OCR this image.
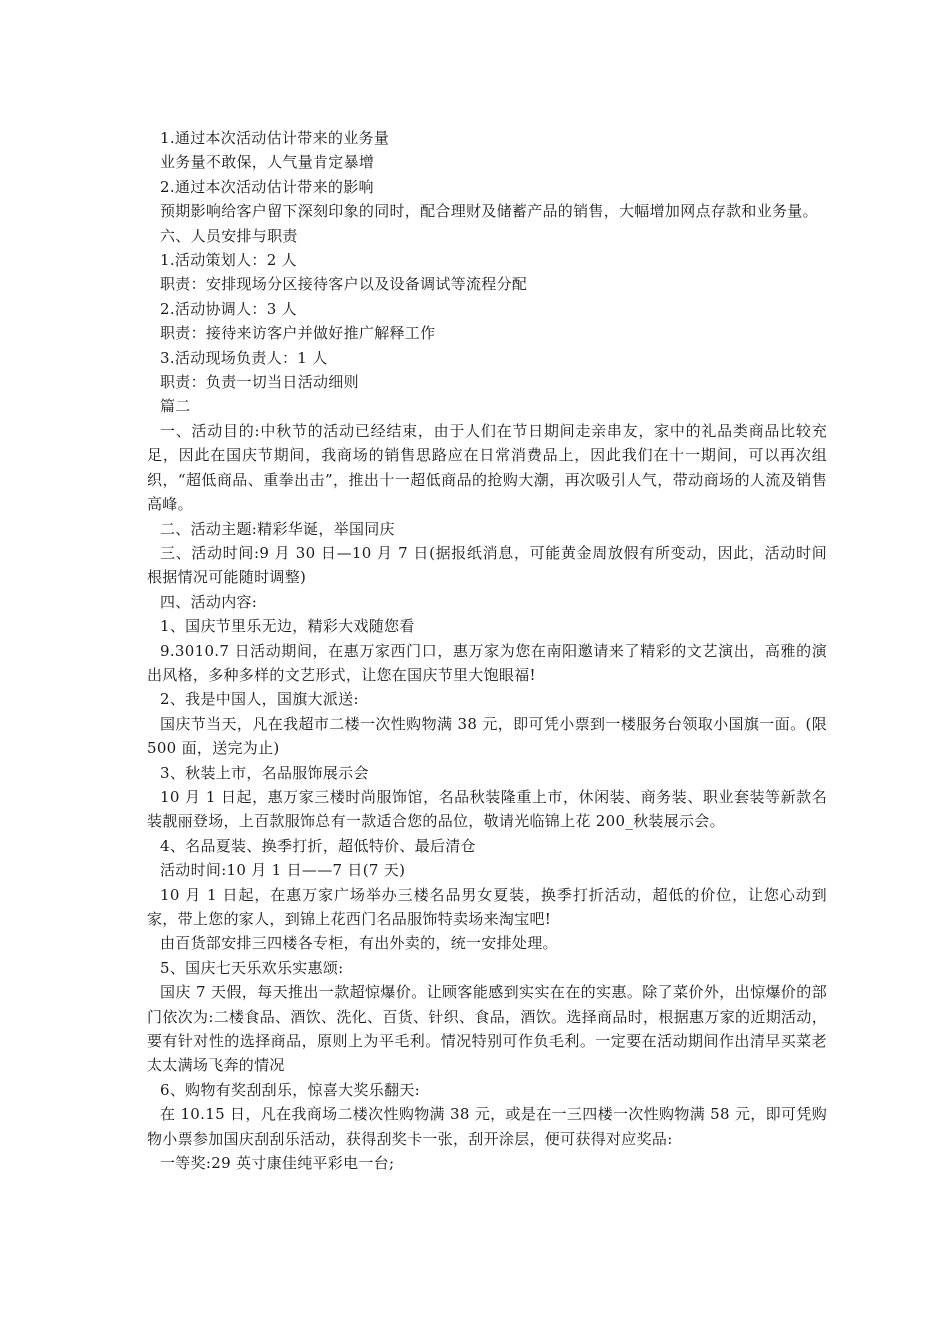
1.通过本次活动估计带来的业务量

业务量不敢保，人气量肯定暴增

2.通过本次活动估计带来的影响

预期影响给客户留下深刻印象的同时，配合理财及储蓄产品的销售，大幅增加网点存款和业务量。

六、人员安排与职责

1.活动策划人：2 人

职责：安排现场分区接待客户以及设备调试等流程分配

2.活动协调人：3 人

职责：接待来访客户并做好推广解释工作

3.活动现场负责人：1 人

职责：负责一切当日活动细则

篇二

一、活动目的:中秋节的活动已经结束，由于人们在节日期间走亲串友，家中的礼品类商品比较充足，因此在国庆节期间，我商场的销售思路应在日常消费品上，因此我们在十一期间，可以再次组织，“超低商品、重拳出击”，推出十一超低商品的抢购大潮，再次吸引人气，带动商场的人流及销售高峰。

二、活动主题:精彩华诞，举国同庆

三、活动时间:9 月 30 日—10 月 7 日(据报纸消息，可能黄金周放假有所变动，因此，活动时间根据情况可能随时调整)

四、活动内容:

1、国庆节里乐无边，精彩大戏随您看

9.3010.7 日活动期间，在惠万家西门口，惠万家为您在南阳邀请来了精彩的文艺演出，高雅的演出风格，多种多样的文艺形式，让您在国庆节里大饱眼福!

2、我是中国人，国旗大派送:

国庆节当天，凡在我超市二楼一次性购物满 38 元，即可凭小票到一楼服务台领取小国旗一面。(限 500 面，送完为止)

3、秋装上市，名品服饰展示会

10 月 1 日起，惠万家三楼时尚服饰馆，名品秋装隆重上市，休闲装、商务装、职业套装等新款名装靓丽登场，上百款服饰总有一款适合您的品位，敬请光临锦上花 200_秋装展示会。

4、名品夏装、换季打折，超低特价、最后清仓

活动时间:10 月 1 日——7 日(7 天)

10 月 1 日起，在惠万家广场举办三楼名品男女夏装，换季打折活动，超低的价位，让您心动到家，带上您的家人，到锦上花西门名品服饰特卖场来淘宝吧!

由百货部安排三四楼各专柜，有出外卖的，统一安排处理。

5、国庆七天乐欢乐实惠颂:

国庆 7 天假，每天推出一款超惊爆价。让顾客能感到实实在在的实惠。除了菜价外，出惊爆价的部门依次为:二楼食品、酒饮、洗化、百货、针织、食品，酒饮。选择商品时，根据惠万家的近期活动，要有针对性的选择商品，原则上为平毛利。情况特别可作负毛利。一定要在活动期间作出清早买菜老太太满场飞奔的情况

6、购物有奖刮刮乐，惊喜大奖乐翻天:

在 10.15 日，凡在我商场二楼次性购物满 38 元，或是在一三四楼一次性购物满 58 元，即可凭购物小票参加国庆刮刮乐活动，获得刮奖卡一张，刮开涂层，便可获得对应奖品:

一等奖:29 英寸康佳纯平彩电一台;
